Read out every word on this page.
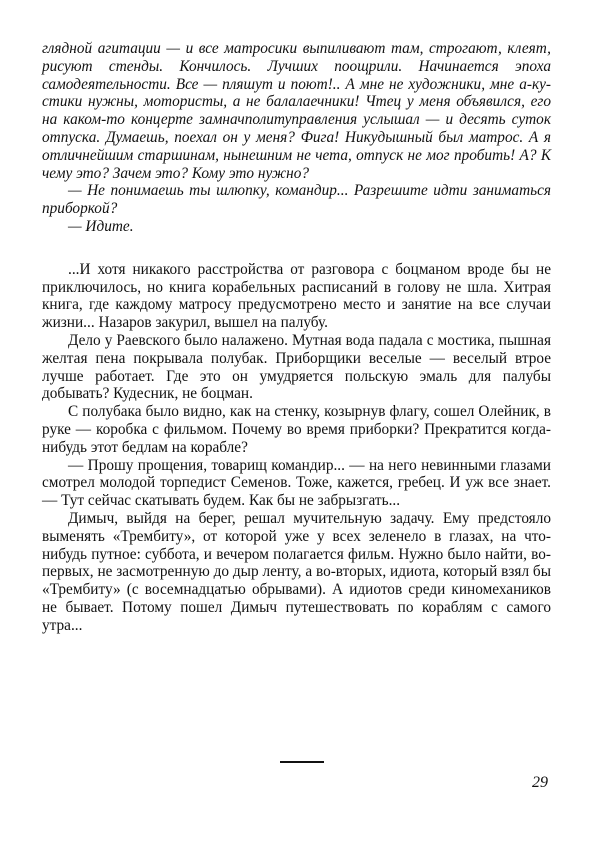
глядной агитации — и все матросики выпиливают там, строгают, клеят, рисуют стенды. Кончилось. Лучших поощрили. Начинается эпоха самодеятельности. Все — пляшут и поют!.. А мне не художники, мне а-ку-стики нужны, мотористы, а не балалаечники! Чтец у меня объявился, его на каком-то концерте замначполитуправления услышал — и десять суток отпуска. Думаешь, поехал он у меня? Фига! Никудышный был матрос. А я отличнейшим старшинам, нынешним не чета, отпуск не мог пробить! А? К чему это? Зачем это? Кому это нужно?

— Не понимаешь ты шлюпку, командир... Разрешите идти заниматься приборкой?

— Идите.

...И хотя никакого расстройства от разговора с боцманом вроде бы не приключилось, но книга корабельных расписаний в голову не шла. Хитрая книга, где каждому матросу предусмотрено место и занятие на все случаи жизни... Назаров закурил, вышел на палубу.

Дело у Раевского было налажено. Мутная вода падала с мостика, пышная желтая пена покрывала полубак. Приборщики веселые — веселый втрое лучше работает. Где это он умудряется польскую эмаль для палубы добывать? Кудесник, не боцман.

С полубака было видно, как на стенку, козырнув флагу, сошел Олейник, в руке — коробка с фильмом. Почему во время приборки? Прекратится когда-нибудь этот бедлам на корабле?

— Прошу прощения, товарищ командир... — на него невинными глазами смотрел молодой торпедист Семенов. Тоже, кажется, гребец. И уж все знает. — Тут сейчас скатывать будем. Как бы не забрызгать...

Димыч, выйдя на берег, решал мучительную задачу. Ему предстояло выменять «Трембиту», от которой уже у всех зеленело в глазах, на что-нибудь путное: суббота, и вечером полагается фильм. Нужно было найти, во-первых, не засмотренную до дыр ленту, а во-вторых, идиота, который взял бы «Трембиту» (с восемнадцатью обрывами). А идиотов среди киномехаников не бывает. Потому пошел Димыч путешествовать по кораблям с самого утра...

29
